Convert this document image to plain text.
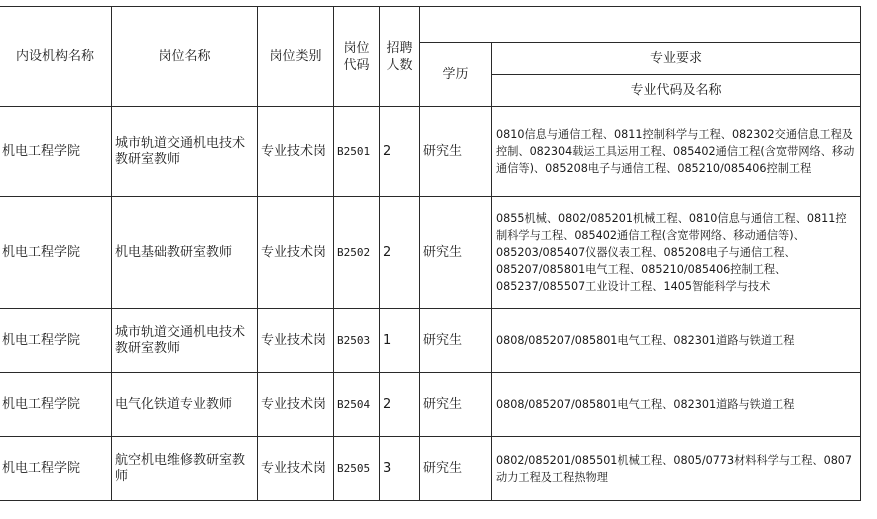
内设机构名称	岗位名称	岗位类别	岗位代码	招聘人数		

					学历	专业要求
						专业代码及名称
机电工程学院	城市轨道交通机电技术教研室教师	专业技术岗	B2501	2	研究生	0810信息与通信工程、0811控制科学与工程、082302交通信息工程及控制、082304载运工具运用工程、085402通信工程(含宽带网络、移动通信等)、085208电子与通信工程、085210/085406控制工程
机电工程学院	机电基础教研室教师	专业技术岗	B2502	2	研究生	0855机械、0802/085201机械工程、0810信息与通信工程、0811控制科学与工程、085402通信工程(含宽带网络、移动通信等)、085203/085407仪器仪表工程、085208电子与通信工程、085207/085801电气工程、085210/085406控制工程、085237/085507工业设计工程、1405智能科学与技术
机电工程学院	城市轨道交通机电技术教研室教师	专业技术岗	B2503	1	研究生	0808/085207/085801电气工程、082301道路与铁道工程
机电工程学院	电气化铁道专业教师	专业技术岗	B2504	2	研究生	0808/085207/085801电气工程、082301道路与铁道工程
机电工程学院	航空机电维修教研室教师	专业技术岗	B2505	3	研究生	0802/085201/085501机械工程、0805/0773材料科学与工程、0807动力工程及工程热物理
